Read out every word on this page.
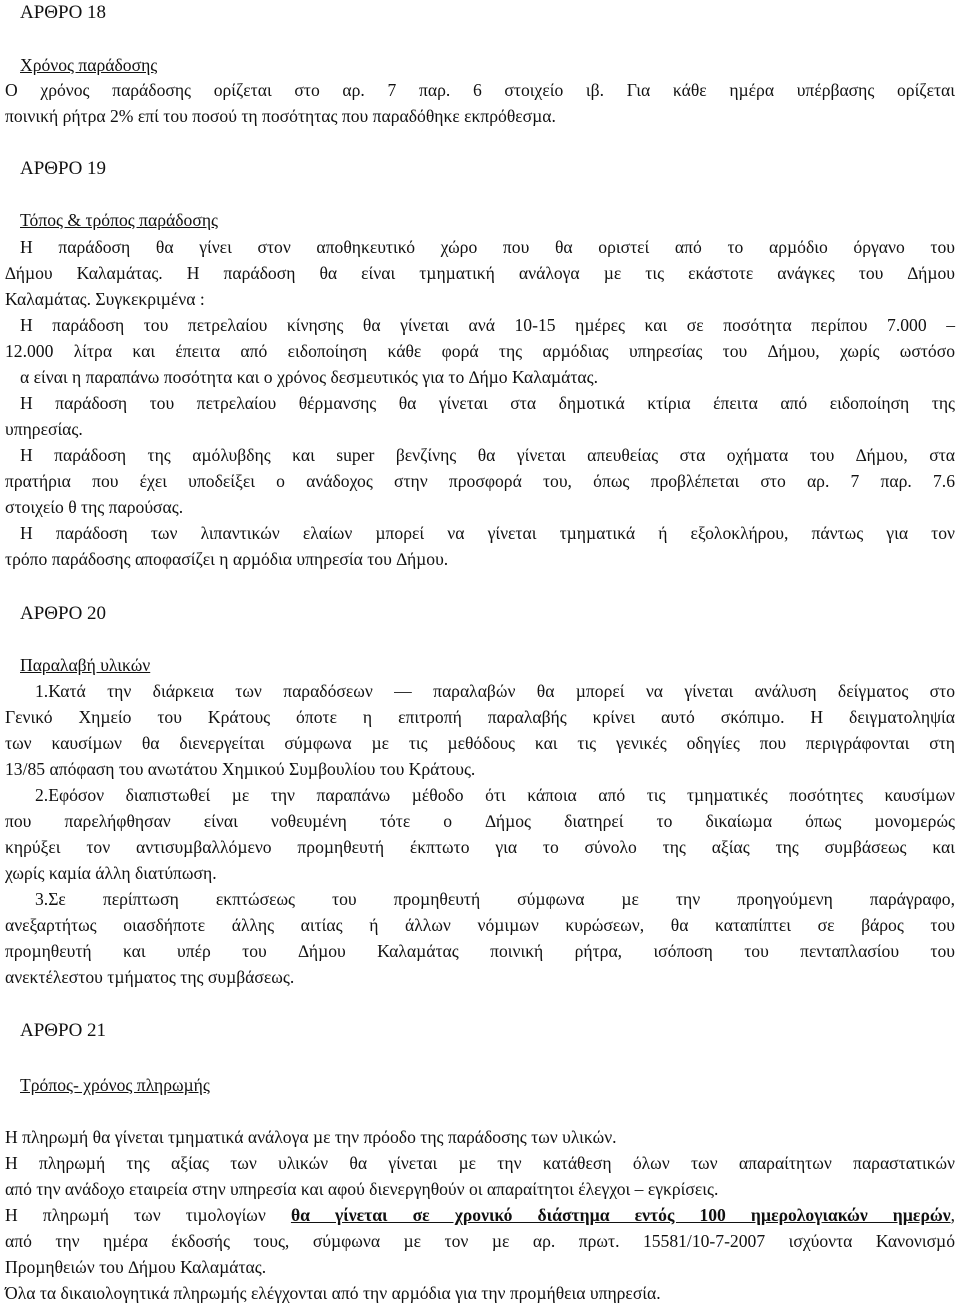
ΑΡΘΡΟ 18
Χρόνος παράδοσης
Ο χρόνος παράδοσης ορίζεται στο αρ. 7 παρ. 6 στοιχείο ιβ. Για κάθε ηµέρα υπέρβασης ορίζεται
ποινική ρήτρα 2% επί του ποσού τη ποσότητας που παραδόθηκε εκπρόθεσµα.
ΑΡΘΡΟ 19
Τόπος & τρόπος παράδοσης
Η παράδοση θα γίνει στον αποθηκευτικό χώρο που θα οριστεί από το αρµόδιο όργανο του
∆ήµου Καλαµάτας. Η παράδοση θα είναι τµηµατική ανάλογα µε τις εκάστοτε ανάγκες του ∆ήµου
Καλαµάτας. Συγκεκριµένα :
Η παράδοση του πετρελαίου κίνησης θα γίνεται ανά 10-15 ηµέρες και σε ποσότητα περίπου 7.000 –
12.000 λίτρα και έπειτα από ειδοποίηση κάθε φορά της αρµόδιας υπηρεσίας του ∆ήµου, χωρίς ωστόσο
α είναι η παραπάνω ποσότητα και ο χρόνος δεσµευτικός για το ∆ήµο Καλαµάτας.
Η παράδοση του πετρελαίου θέρµανσης θα γίνεται στα δηµοτικά κτίρια έπειτα από ειδοποίηση της
υπηρεσίας.
Η παράδοση της αµόλυβδης και super βενζίνης θα γίνεται απευθείας στα οχήµατα του ∆ήµου, στα
πρατήρια που έχει υποδείξει ο ανάδοχος στην προσφορά του, όπως προβλέπεται στο αρ. 7 παρ. 7.6
στοιχείο θ της παρούσας.
Η παράδοση των λιπαντικών ελαίων µπορεί να γίνεται τµηµατικά ή εξολοκλήρου, πάντως για τον
τρόπο παράδοσης αποφασίζει η αρµόδια υπηρεσία του ∆ήµου.
ΑΡΘΡΟ 20
Παραλαβή υλικών
1.Κατά την διάρκεια των παραδόσεων — παραλαβών θα µπορεί να γίνεται ανάλυση δείγµατος στο
Γενικό Χηµείο του Κράτους όποτε η επιτροπή παραλαβής κρίνει αυτό σκόπιµο. Η δειγµατοληψία
των καυσίµων θα διενεργείται σύµφωνα µε τις µεθόδους και τις γενικές οδηγίες που περιγράφονται στη
13/85 απόφαση του ανωτάτου Χηµικού Συµβουλίου του Κράτους.
2.Εφόσον διαπιστωθεί µε την παραπάνω µέθοδο ότι κάποια από τις τµηµατικές ποσότητες καυσίµων
που παρελήφθησαν είναι νοθευµένη τότε ο ∆ήµος διατηρεί το δικαίωµα όπως µονοµερώς
κηρύξει τον αντισυµβαλλόµενο προµηθευτή έκπτωτο για το σύνολο της αξίας της συµβάσεως και
χωρίς καµία άλλη διατύπωση.
3.Σε περίπτωση εκπτώσεως του προµηθευτή σύµφωνα µε την προηγούµενη παράγραφο,
ανεξαρτήτως οιασδήποτε άλλης αιτίας ή άλλων νόµιµων κυρώσεων, θα καταπίπτει σε βάρος του
προµηθευτή και υπέρ του ∆ήµου Καλαµάτας ποινική ρήτρα, ισόποση του πενταπλασίου του
ανεκτέλεστου τµήµατος της συµβάσεως.
ΑΡΘΡΟ 21
Τρόπος- χρόνος πληρωµής
Η πληρωµή θα γίνεται τµηµατικά ανάλογα µε την πρόοδο της παράδοσης των υλικών.
Η πληρωµή της αξίας των υλικών θα γίνεται µε την κατάθεση όλων των απαραίτητων παραστατικών
από την ανάδοχο εταιρεία στην υπηρεσία και αφού διενεργηθούν οι απαραίτητοι έλεγχοι – εγκρίσεις.
Η πληρωµή των τιµολογίων θα γίνεται σε χρονικό διάστηµα εντός 100 ηµερολογιακών ηµερών,
από την ηµέρα έκδοσής τους, σύµφωνα µε τον µε αρ. πρωτ. 15581/10-7-2007 ισχύοντα Κανονισµό
Προµηθειών του ∆ήµου Καλαµάτας.
Όλα τα δικαιολογητικά πληρωµής ελέγχονται από την αρµόδια για την προµήθεια υπηρεσία.
